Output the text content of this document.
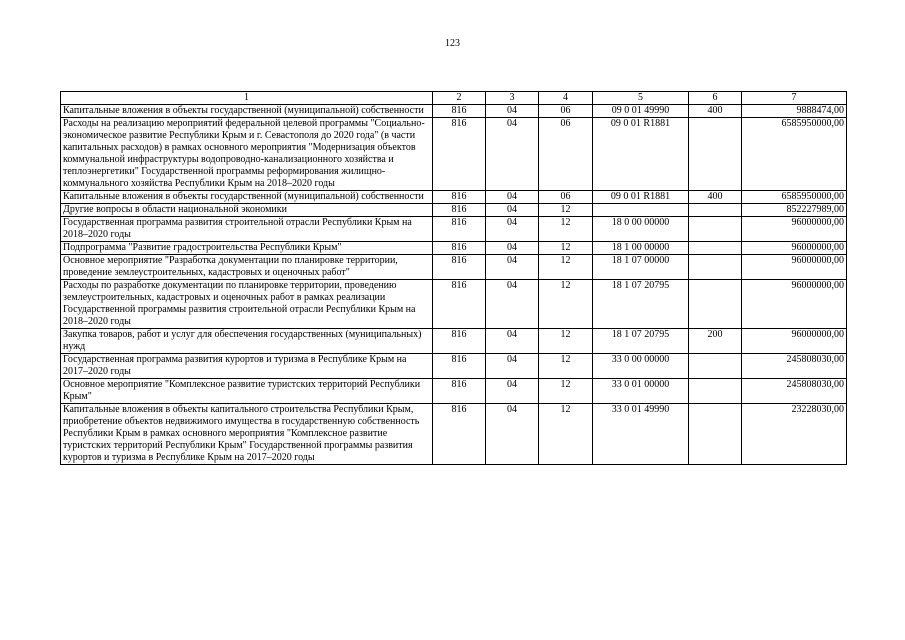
123
1	2	3	4	5	6	7
Капитальные вложения в объекты государственной (муниципальной) собственности	816	04	06	09 0 01 49990	400	9888474,00
Расходы на реализацию мероприятий федеральной целевой программы "Социально-экономическое развитие Республики Крым и г. Севастополя до 2020 года" (в части капитальных расходов) в рамках основного мероприятия "Модернизация объектов коммунальной инфраструктуры водопроводно-канализационного хозяйства и теплоэнергетики" Государственной программы реформирования жилищно-коммунального хозяйства Республики Крым на 2018–2020 годы	816	04	06	09 0 01 R1881		6585950000,00
Капитальные вложения в объекты государственной (муниципальной) собственности	816	04	06	09 0 01 R1881	400	6585950000,00
Другие вопросы в области национальной экономики	816	04	12			852227989,00
Государственная программа развития строительной отрасли Республики Крым на 2018–2020 годы	816	04	12	18 0 00 00000		96000000,00
Подпрограмма "Развитие градостроительства Республики Крым"	816	04	12	18 1 00 00000		96000000,00
Основное мероприятие "Разработка документации по планировке территории, проведение землеустроительных, кадастровых и оценочных работ"	816	04	12	18 1 07 00000		96000000,00
Расходы по разработке документации по планировке территории, проведению землеустроительных, кадастровых и оценочных работ в рамках реализации Государственной программы развития строительной отрасли Республики Крым на 2018–2020 годы	816	04	12	18 1 07 20795		96000000,00
Закупка товаров, работ и услуг для обеспечения государственных (муниципальных) нужд	816	04	12	18 1 07 20795	200	96000000,00
Государственная программа развития курортов и туризма в Республике Крым на 2017–2020 годы	816	04	12	33 0 00 00000		245808030,00
Основное мероприятие "Комплексное развитие туристских территорий Республики Крым"	816	04	12	33 0 01 00000		245808030,00
Капитальные вложения в объекты капитального строительства Республики Крым, приобретение объектов недвижимого имущества в государственную собственность Республики Крым в рамках основного мероприятия "Комплексное развитие туристских территорий Республики Крым" Государственной программы развития курортов и туризма в Республике Крым на 2017–2020 годы	816	04	12	33 0 01 49990		23228030,00
